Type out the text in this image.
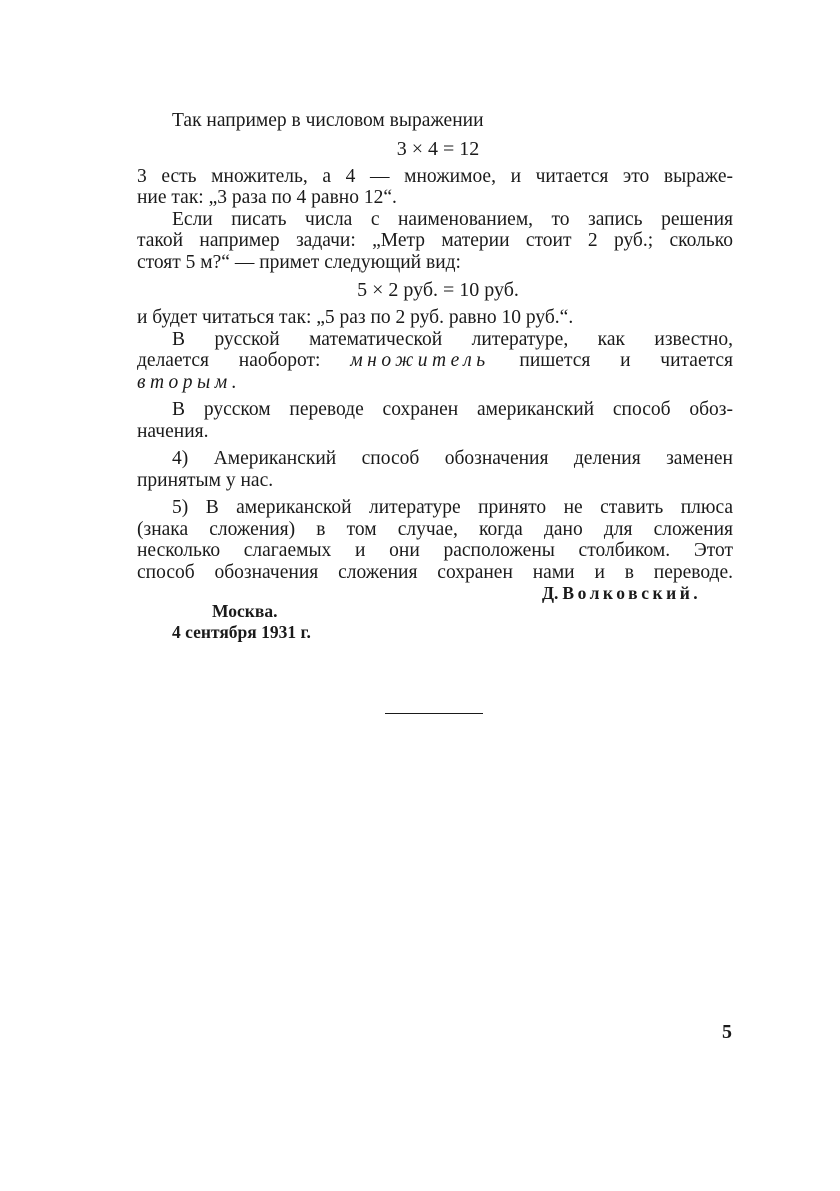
Так например в числовом выражении
3 × 4 = 12
3 есть множитель, а 4 — множимое, и читается это выраже-
ние так: „3 раза по 4 равно 12“.
Если писать числа с наименованием, то запись решения
такой например задачи: „Метр материи стоит 2 руб.; сколько
стоят 5 м?“ — примет следующий вид:
5 × 2 руб. = 10 руб.
и будет читаться так: „5 раз по 2 руб. равно 10 руб.“.
В русской математической литературе, как известно,
делается наоборот: множитель пишется и читается
вторым.
В русском переводе сохранен американский способ обоз-
начения.
4) Американский способ обозначения деления заменен
принятым у нас.
5) В американской литературе принято не ставить плюса
(знака сложения) в том случае, когда дано для сложения
несколько слагаемых и они расположены столбиком. Этот
способ обозначения сложения сохранен нами и в переводе.
Д. Волковский.
Москва.
4 сентября 1931 г.
5
